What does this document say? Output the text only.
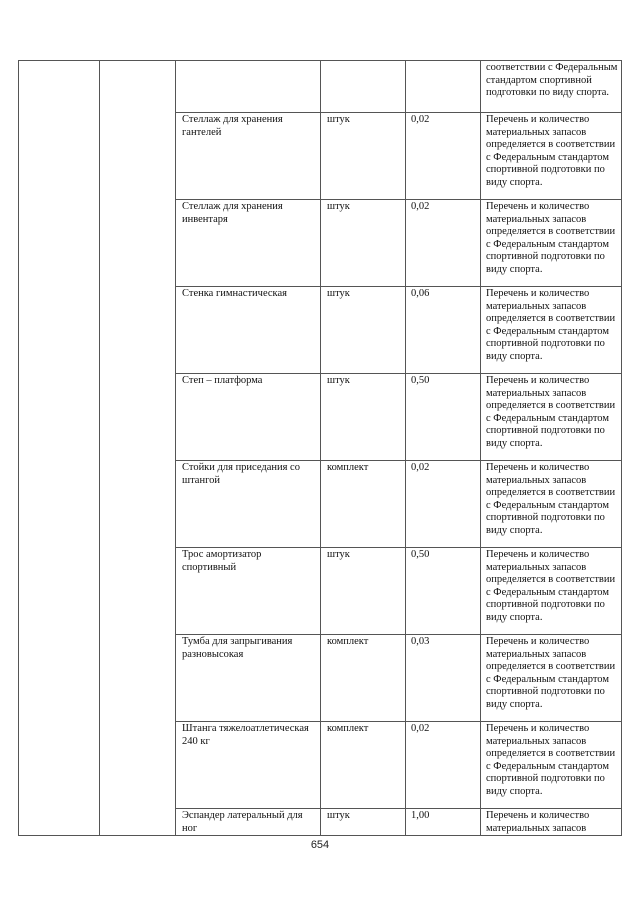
					соответствии с Федеральным стандартом спортивной подготовки по виду спорта.
		Стеллаж для хранения гантелей	штук	0,02	Перечень и количество материальных запасов определяется в соответствии с Федеральным стандартом спортивной подготовки по виду спорта.
		Стеллаж для хранения инвентаря	штук	0,02	Перечень и количество материальных запасов определяется в соответствии с Федеральным стандартом спортивной подготовки по виду спорта.
		Стенка гимнастическая	штук	0,06	Перечень и количество материальных запасов определяется в соответствии с Федеральным стандартом спортивной подготовки по виду спорта.
		Степ – платформа	штук	0,50	Перечень и количество материальных запасов определяется в соответствии с Федеральным стандартом спортивной подготовки по виду спорта.
		Стойки для приседания со штангой	комплект	0,02	Перечень и количество материальных запасов определяется в соответствии с Федеральным стандартом спортивной подготовки по виду спорта.
		Трос амортизатор спортивный	штук	0,50	Перечень и количество материальных запасов определяется в соответствии с Федеральным стандартом спортивной подготовки по виду спорта.
		Тумба для запрыгивания разновысокая	комплект	0,03	Перечень и количество материальных запасов определяется в соответствии с Федеральным стандартом спортивной подготовки по виду спорта.
		Штанга тяжелоатлетическая 240 кг	комплект	0,02	Перечень и количество материальных запасов определяется в соответствии с Федеральным стандартом спортивной подготовки по виду спорта.
		Эспандер латеральный для ног	штук	1,00	Перечень и количество материальных запасов
654
